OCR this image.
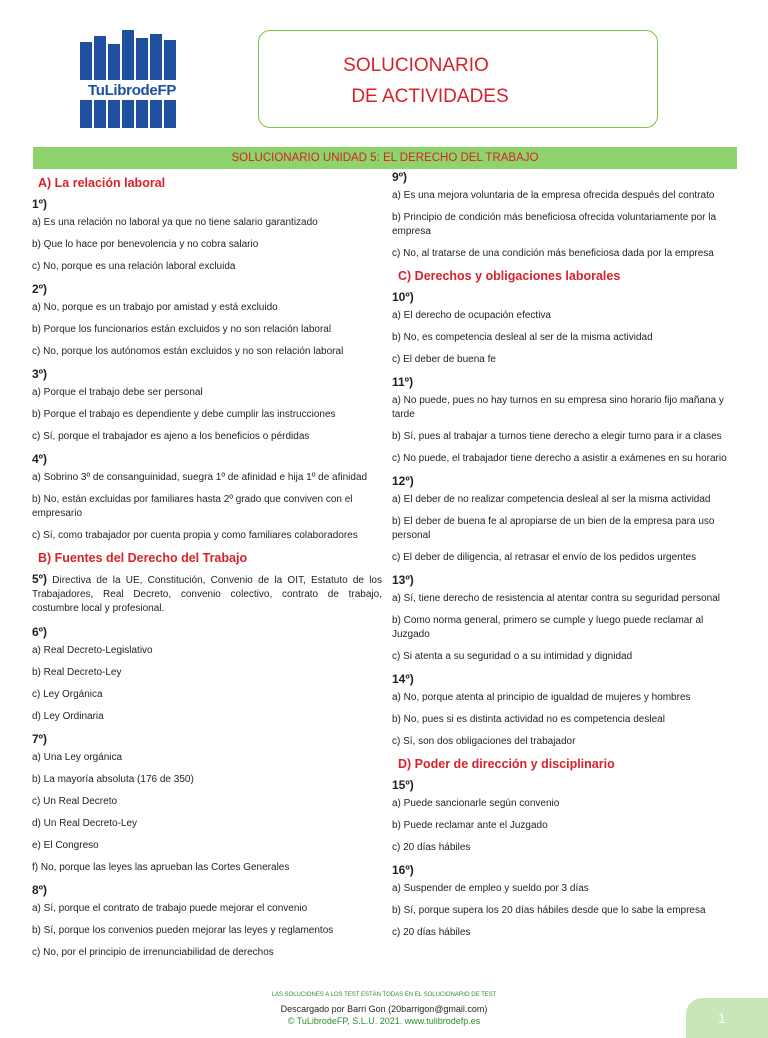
TuLibrodeFP
SOLUCIONARIO
DE ACTIVIDADES
SOLUCIONARIO UNIDAD 5: EL DERECHO DEL TRABAJO
A) La relación laboral
1º)
a) Es una relación no laboral ya que no tiene salario garantizado
b) Que lo hace por benevolencia y no cobra salario
c) No, porque es una relación laboral excluida
2º)
a) No, porque es un trabajo por amistad y está excluido
b) Porque los funcionarios están excluidos y no son relación laboral
c) No, porque los autónomos están excluidos y no son relación laboral
3º)
a) Porque el trabajo debe ser personal
b) Porque el trabajo es dependiente y debe cumplir las instrucciones
c) Sí, porque el trabajador es ajeno a los beneficios o pérdidas
4º)
a) Sobrino 3º de consanguinidad, suegra 1º de afinidad e hija 1º de afinidad
b) No, están excluidas por familiares hasta 2º grado que conviven con el empresario
c) Sí, como trabajador por cuenta propia y como familiares colaboradores
B) Fuentes del Derecho del Trabajo
5º) Directiva de la UE, Constitución, Convenio de la OIT, Estatuto de los Trabajadores, Real Decreto, convenio colectivo, contrato de trabajo, costumbre local y profesional.
6º)
a) Real Decreto-Legislativo
b) Real Decreto-Ley
c) Ley Orgánica
d) Ley Ordinaria
7º)
a) Una Ley orgánica
b) La mayoría absoluta (176 de 350)
c) Un Real Decreto
d) Un Real Decreto-Ley
e) El Congreso
f) No, porque las leyes las aprueban las Cortes Generales
8º)
a) Sí, porque el contrato de trabajo puede mejorar el convenio
b) Sí, porque los convenios pueden mejorar las leyes y reglamentos
c) No, por el principio de irrenunciabilidad de derechos
9º)
a) Es una mejora voluntaria de la empresa ofrecida después del contrato
b) Principio de condición más beneficiosa ofrecida voluntariamente por la empresa
c) No, al tratarse de una condición más beneficiosa dada por la empresa
C) Derechos y obligaciones laborales
10º)
a) El derecho de ocupación efectiva
b) No, es competencia desleal al ser de la misma actividad
c) El deber de buena fe
11º)
a) No puede, pues no hay turnos en su empresa sino horario fijo mañana y tarde
b) Sí, pues al trabajar a turnos tiene derecho a elegir turno para ir a clases
c) No puede, el trabajador tiene derecho a asistir a exámenes en su horario
12º)
a) El deber de no realizar competencia desleal al ser la misma actividad
b) El deber de buena fe al apropiarse de un bien de la empresa para uso personal
c) El deber de diligencia, al retrasar el envío de los pedidos urgentes
13º)
a) Sí, tiene derecho de resistencia al atentar contra su seguridad personal
b) Como norma general, primero se cumple y luego puede reclamar al Juzgado
c) Si atenta a su seguridad o a su intimidad y dignidad
14º)
a) No, porque atenta al principio de igualdad de mujeres y hombres
b) No, pues si es distinta actividad no es competencia desleal
c) Sí, son dos obligaciones del trabajador
D) Poder de dirección y disciplinario
15º)
a) Puede sancionarle según convenio
b) Puede reclamar ante el Juzgado
c) 20 días hábiles
16º)
a) Suspender de empleo y sueldo por 3 días
b) Sí, porque supera los 20 días hábiles desde que lo sabe la empresa
c) 20 días hábiles
LAS SOLUCIONES A LOS TEST ESTÁN TODAS EN EL SOLUCIONARIO DE TEST
Descargado por Barri Gon (20barrigon@gmail.com)
© TuLibrodeFP, S.L.U. 2021. www.tulibrodefp.es	1
